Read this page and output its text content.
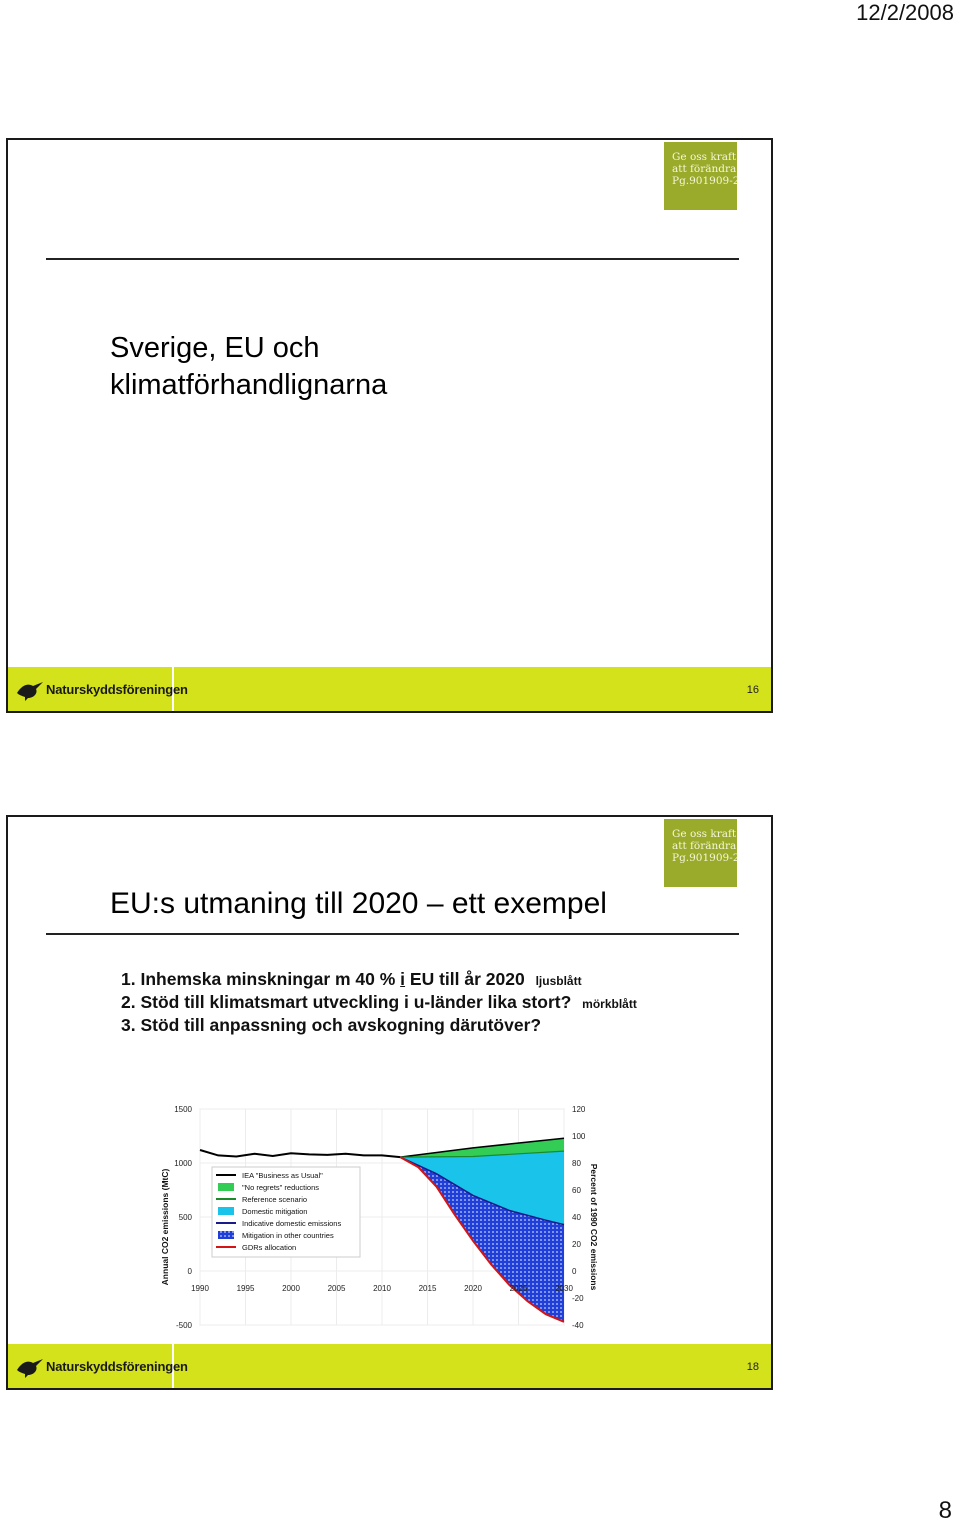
12/2/2008
8
Ge oss kraft
att förändra
Pg.901909-2
Sverige, EU och
klimatförhandlignarna
Naturskyddsföreningen	16
Ge oss kraft
att förändra
Pg.901909-2
EU:s utmaning till 2020 – ett exempel
1. Inhemska minskningar m 40 % i EU till år 2020 ljusblått
2. Stöd till klimatsmart utveckling i u-länder lika stort? mörkblått
3. Stöd till anpassning och avskogning därutöver?
IEA "Business as Usual"
"No regrets" reductions
Reference scenario
Domestic mitigation
Indicative domestic emissions
Mitigation in other countries
GDRs allocation
-500
0
500
1000
1500
-40
-20
0
20
40
60
80
100
120
1990	1995	2000	2005	2010	2015	2020	2025	2030
Annual CO2 emissions (MtC)	Percent of 1990 CO2 emissions
Naturskyddsföreningen	18
